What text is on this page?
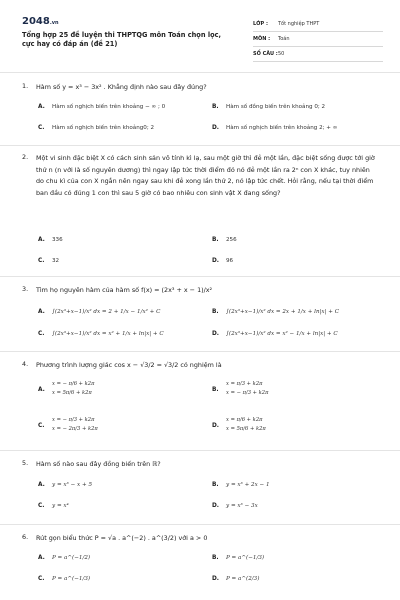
2048.vn
Tổng hợp 25 đề luyện thi THPTQG môn Toán chọn lọc, cực hay có đáp án (đề 21)
LỚP :	Tốt nghiệp THPT
MÔN :	Toán
SỐ CÂU : 50
1. Hàm số y = x³ − 3x² . Khẳng định nào sau đây đúng?
A.	Hàm số nghịch biến trên khoảng − ∞ ; 0	B.	Hàm số đồng biến trên khoảng 0; 2
C.	Hàm số nghịch biến trên khoảng0; 2	D.	Hàm số nghịch biến trên khoảng 2; + ∞
2. Một vi sinh đặc biệt X có cách sinh sản vô tính kì lạ, sau một giờ thì đẻ một lần, đặc biệt sống được tới giờ thứ n (n với là số nguyên dương) thì ngay lập tức thời điểm đó nó đẻ một lần ra 2ⁿ con X khác, tuy nhiên do chu kì của con X ngắn nên ngay sau khi đẻ xong lần thứ 2, nó lập tức chết. Hỏi rằng, nếu tại thời điểm ban đầu có đúng 1 con thì sau 5 giờ có bao nhiêu con sinh vật X đang sống?
A.	336	B.	256
C.	32	D.	96
3. Tìm họ nguyên hàm của hàm số f(x) = (2x³ + x − 1)/x²
A.	∫(2x³+x−1)/x² dx = 2 + 1/x − 1/x² + C	B.	∫(2x³+x−1)/x² dx = 2x + 1/x + ln|x| + C
C.	∫(2x³+x−1)/x² dx = x² + 1/x + ln|x| + C	D.	∫(2x³+x−1)/x² dx = x² − 1/x + ln|x| + C
4. Phương trình lượng giác cos x − √3/2 = √3/2 có nghiệm là
A.
x = − π/6 + k2π
x = 5π/6 + k2π	B.
x = π/3 + k2π
x = − π/3 + k2π
C.
x = − π/3 + k2π
x = − 2π/3 + k2π	D.
x = π/6 + k2π
x = 5π/6 + k2π
5. Hàm số nào sau đây đồng biến trên ℝ?
A.	y = x³ − x + 5	B.	y = x³ + 2x − 1
C.	y = x⁴	D.	y = x³ − 3x
6. Rút gọn biểu thức P = √a . a^(−2) . a^(3/2) với a > 0
A.	P = a^(−1/2)	B.	P = a^(−1/3)
C.	P = a^(−1/3)	D.	P = a^(2/3)
